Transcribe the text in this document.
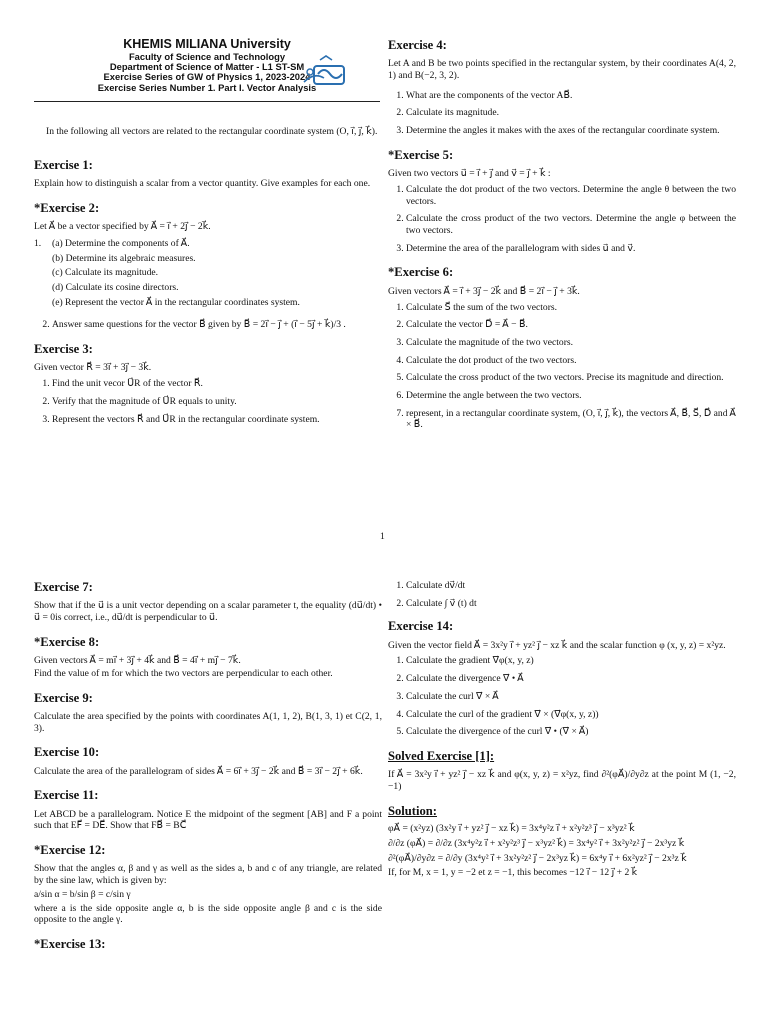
KHEMIS MILIANA University
Faculty of Science and Technology
Department of Science of Matter - L1 ST-SM
Exercise Series of GW of Physics 1, 2023-2024
Exercise Series Number 1. Part I. Vector Analysis

In the following all vectors are related to the rectangular coordinate system (O, i⃗, j⃗, k⃗).

Exercise 1:

Explain how to distinguish a scalar from a vector quantity. Give examples for each one.

*Exercise 2:

Let A⃗ be a vector specified by A⃗ = i⃗ + 2j⃗ − 2k⃗.

1.	(a) Determine the components of A⃗.
(b) Determine its algebraic measures.
(c) Calculate its magnitude.
(d) Calculate its cosine directors.
(e) Represent the vector A⃗ in the rectangular coordinates system.
2. Answer same questions for the vector B⃗ given by B⃗ = 2i⃗ − j⃗ + (i⃗ − 5j⃗ + k⃗)/3 .
Exercise 3:

Given vector R⃗ = 3i⃗ + 3j⃗ − 3k⃗.

1. Find the unit vecor U⃗R of the vector R⃗.
2. Verify that the magnitude of U⃗R equals to unity.
3. Represent the vectors R⃗ and U⃗R in the rectangular coordinate system.
Exercise 4:

Let A and B be two points specified in the rectangular system, by their coordinates A(4, 2, 1) and B(−2, 3, 2).

1. What are the components of the vector AB⃗.
2. Calculate its magnitude.
3. Determine the angles it makes with the axes of the rectangular coordinate system.
*Exercise 5:

Given two vectors u⃗ = i⃗ + j⃗ and v⃗ = j⃗ + k⃗ :

1. Calculate the dot product of the two vectors. Determine the angle θ between the two vectors.
2. Calculate the cross product of the two vectors. Determine the angle φ between the two vectors.
3. Determine the area of the parallelogram with sides u⃗ and v⃗.
*Exercise 6:

Given vectors A⃗ = i⃗ + 3j⃗ − 2k⃗ and B⃗ = 2i⃗ − j⃗ + 3k⃗.

1. Calculate S⃗ the sum of the two vectors.
2. Calculate the vector D⃗ = A⃗ − B⃗.
3. Calculate the magnitude of the two vectors.
4. Calculate the dot product of the two vectors.
5. Calculate the cross product of the two vectors. Precise its magnitude and direction.
6. Determine the angle between the two vectors.
7. represent, in a rectangular coordinate system, (O, i⃗, j⃗, k⃗), the vectors A⃗, B⃗, S⃗, D⃗ and A⃗ × B⃗.
1
Exercise 7:

Show that if the u⃗ is a unit vector depending on a scalar parameter t, the equality (du⃗/dt) • u⃗ = 0is correct, i.e., du⃗/dt is perpendicular to u⃗.

*Exercise 8:

Given vectors A⃗ = mi⃗ + 3j⃗ + 4k⃗ and B⃗ = 4i⃗ + mj⃗ − 7k⃗.

Find the value of m for which the two vectors are perpendicular to each other.

Exercise 9:

Calculate the area specified by the points with coordinates A(1, 1, 2), B(1, 3, 1) et C(2, 1, 3).

Exercise 10:

Calculate the area of the parallelogram of sides A⃗ = 6i⃗ + 3j⃗ − 2k⃗ and B⃗ = 3i⃗ − 2j⃗ + 6k⃗.

Exercise 11:

Let ABCD be a parallelogram. Notice E the midpoint of the segment [AB] and F a point such that EF⃗ = DE⃗. Show that FB⃗ = BC⃗

*Exercise 12:

Show that the angles α, β and γ as well as the sides a, b and c of any triangle, are related by the sine law, which is given by:

a/sin α = b/sin β = c/sin γ

where a is the side opposite angle α, b is the side opposite angle β and c is the side opposite to the angle γ.

*Exercise 13:
1. Calculate dv⃗/dt
2. Calculate ∫ v⃗ (t) dt
Exercise 14:

Given the vector field A⃗ = 3x²y i⃗ + yz² j⃗ − xz k⃗ and the scalar function φ (x, y, z) = x²yz.

1. Calculate the gradient ∇⃗φ(x, y, z)
2. Calculate the divergence ∇⃗ • A⃗
3. Calculate the curl ∇⃗ × A⃗
4. Calculate the curl of the gradient ∇⃗ × (∇⃗φ(x, y, z))
5. Calculate the divergence of the curl ∇⃗ • (∇⃗ × A⃗)
Solved Exercise [1]:

If A⃗ = 3x²y i⃗ + yz² j⃗ − xz k⃗ and φ(x, y, z) = x²yz, find ∂²(φA⃗)/∂y∂z at the point M (1, −2, −1)

Solution:

φA⃗ = (x²yz) (3x²y i⃗ + yz² j⃗ − xz k⃗) = 3x⁴y²z i⃗ + x²y²z³ j⃗ − x³yz² k⃗

∂/∂z (φA⃗) = ∂/∂z (3x⁴y²z i⃗ + x²y²z³ j⃗ − x³yz² k⃗) = 3x⁴y² i⃗ + 3x²y²z² j⃗ − 2x³yz k⃗

∂²(φA⃗)/∂y∂z = ∂/∂y (3x⁴y² i⃗ + 3x²y²z² j⃗ − 2x³yz k⃗) = 6x⁴y i⃗ + 6x²yz² j⃗ − 2x³z k⃗

If, for M, x = 1, y = −2 et z = −1, this becomes −12 i⃗ − 12 j⃗ + 2 k⃗
